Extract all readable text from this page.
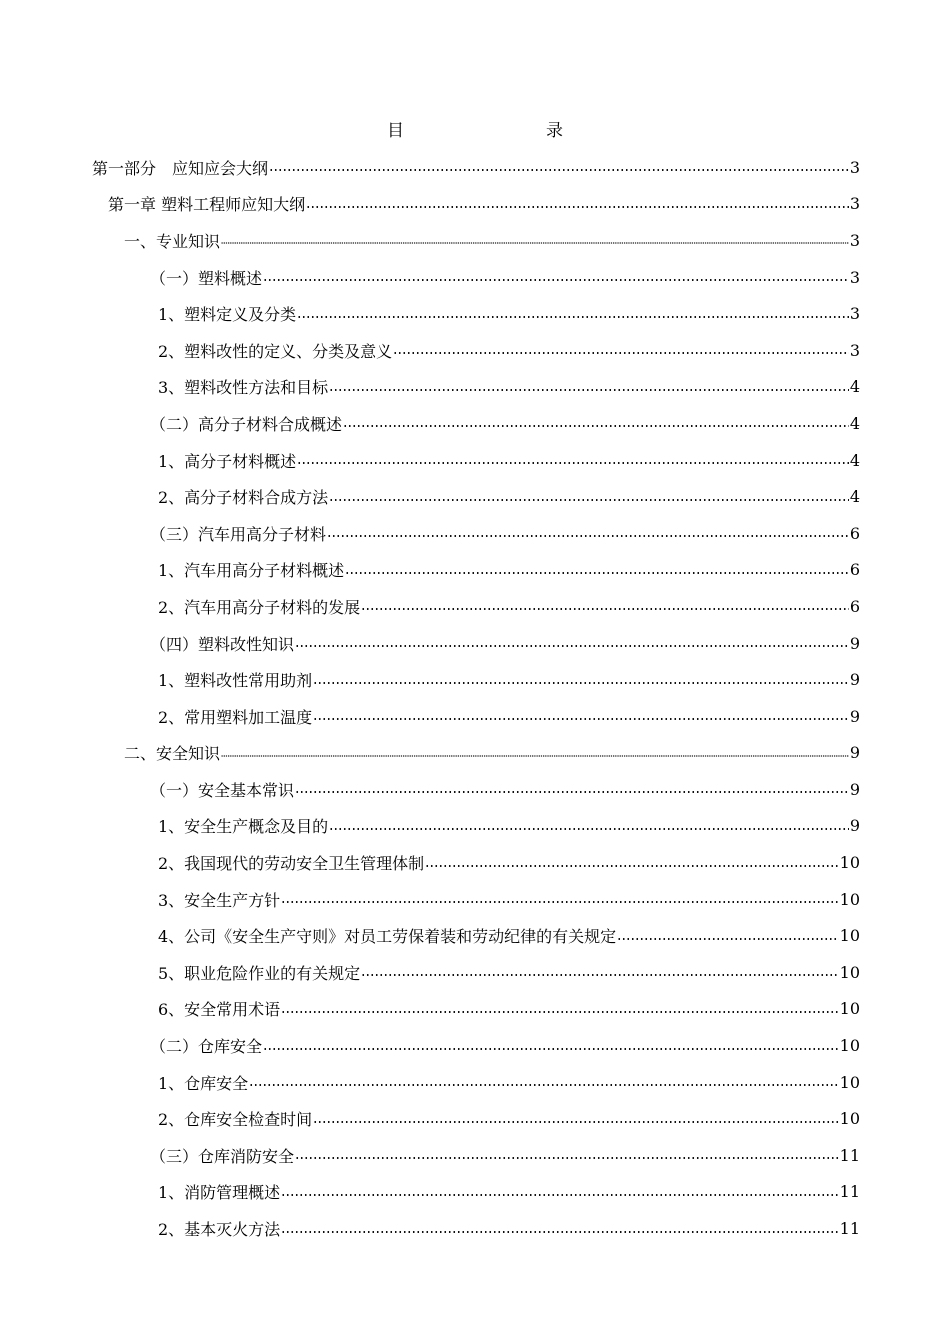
目　　录
第一部分　应知应会大纲	3
第一章 塑料工程师应知大纲	3
一、专业知识	3
（一）塑料概述	3
1、塑料定义及分类	3
2、塑料改性的定义、分类及意义	3
3、塑料改性方法和目标	4
（二）高分子材料合成概述	4
1、高分子材料概述	4
2、高分子材料合成方法	4
（三）汽车用高分子材料	6
1、汽车用高分子材料概述	6
2、汽车用高分子材料的发展	6
（四）塑料改性知识	9
1、塑料改性常用助剂	9
2、常用塑料加工温度	9
二、安全知识	9
（一）安全基本常识	9
1、安全生产概念及目的	9
2、我国现代的劳动安全卫生管理体制	10
3、安全生产方针	10
4、公司《安全生产守则》对员工劳保着装和劳动纪律的有关规定	10
5、职业危险作业的有关规定	10
6、安全常用术语	10
（二）仓库安全	10
1、仓库安全	10
2、仓库安全检查时间	10
（三）仓库消防安全	11
1、消防管理概述	11
2、基本灭火方法	11
